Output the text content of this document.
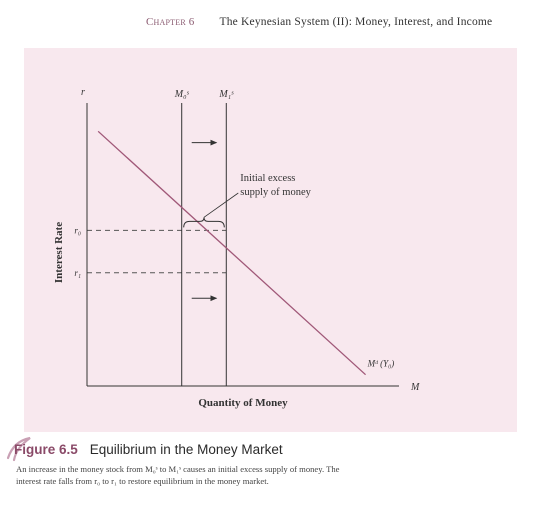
Chapter 6 The Keynesian System (II): Money, Interest, and Income
Initial excess
supply of money
r
M
Quantity of Money
Interest Rate
M₀ˢ	M₁ˢ
r₀
r₁
Mᵈ (Y₀)
Figure 6.5 Equilibrium in the Money Market
An increase in the money stock from M₀ˢ to M₁ˢ causes an initial excess supply of money. The
interest rate falls from r₀ to r₁ to restore equilibrium in the money market.
